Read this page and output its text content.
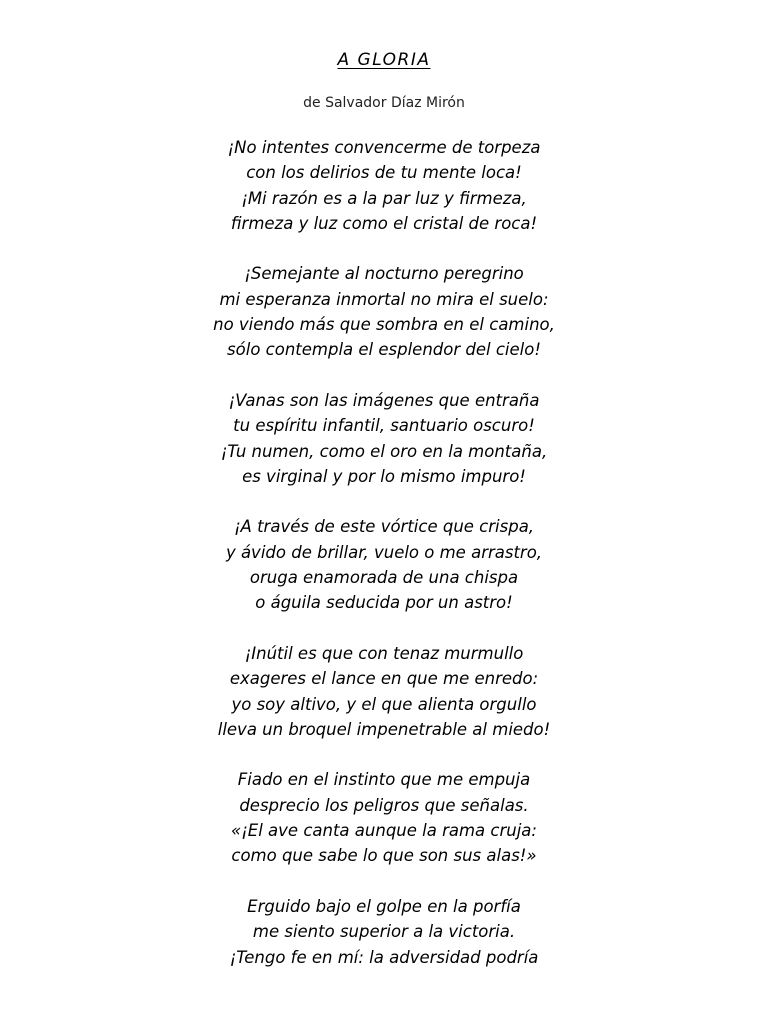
A GLORIA
de Salvador Díaz Mirón
¡No intentes convencerme de torpeza
con los delirios de tu mente loca!
¡Mi razón es a la par luz y firmeza,
firmeza y luz como el cristal de roca!
¡Semejante al nocturno peregrino
mi esperanza inmortal no mira el suelo:
no viendo más que sombra en el camino,
sólo contempla el esplendor del cielo!
¡Vanas son las imágenes que entraña
tu espíritu infantil, santuario oscuro!
¡Tu numen, como el oro en la montaña,
es virginal y por lo mismo impuro!
¡A través de este vórtice que crispa,
y ávido de brillar, vuelo o me arrastro,
oruga enamorada de una chispa
o águila seducida por un astro!
¡Inútil es que con tenaz murmullo
exageres el lance en que me enredo:
yo soy altivo, y el que alienta orgullo
lleva un broquel impenetrable al miedo!
Fiado en el instinto que me empuja
desprecio los peligros que señalas.
«¡El ave canta aunque la rama cruja:
como que sabe lo que son sus alas!»
Erguido bajo el golpe en la porfía
me siento superior a la victoria.
¡Tengo fe en mí: la adversidad podría
